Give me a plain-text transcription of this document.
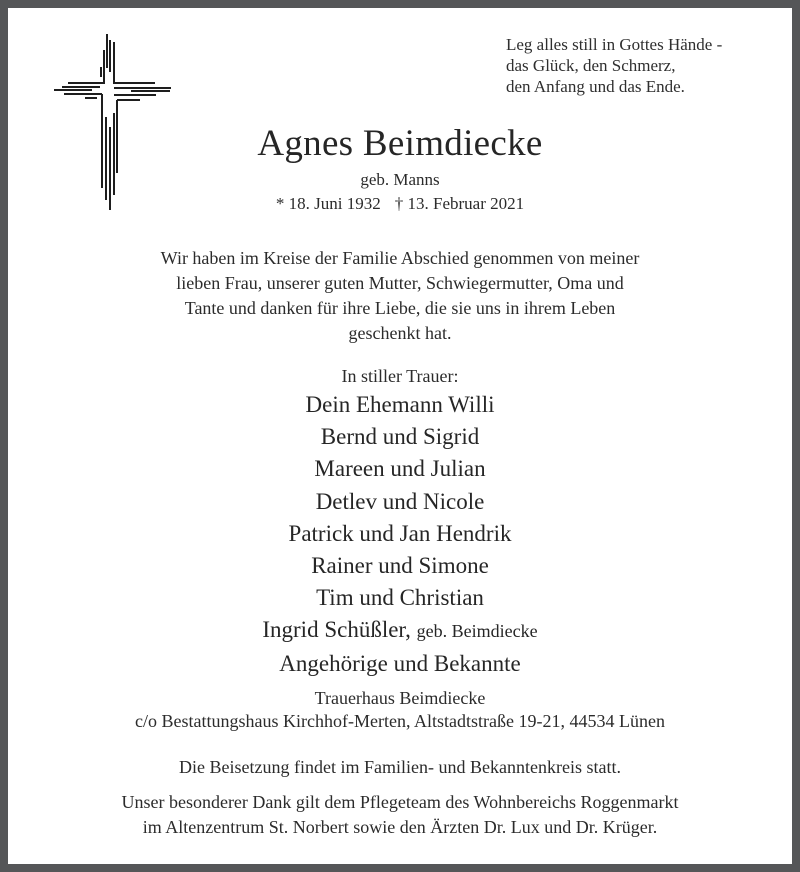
Leg alles still in Gottes Hände -
das Glück, den Schmerz,
den Anfang und das Ende.
Agnes Beimdiecke
geb. Manns
* 18. Juni 1932 † 13. Februar 2021
Wir haben im Kreise der Familie Abschied genommen von meiner
lieben Frau, unserer guten Mutter, Schwiegermutter, Oma und
Tante und danken für ihre Liebe, die sie uns in ihrem Leben
geschenkt hat.
In stiller Trauer:
Dein Ehemann Willi
Bernd und Sigrid
Mareen und Julian
Detlev und Nicole
Patrick und Jan Hendrik
Rainer und Simone
Tim und Christian
Ingrid Schüßler, geb. Beimdiecke
Angehörige und Bekannte
Trauerhaus Beimdiecke
c/o Bestattungshaus Kirchhof-Merten, Altstadtstraße 19-21, 44534 Lünen
Die Beisetzung findet im Familien- und Bekanntenkreis statt.
Unser besonderer Dank gilt dem Pflegeteam des Wohnbereichs Roggenmarkt
im Altenzentrum St. Norbert sowie den Ärzten Dr. Lux und Dr. Krüger.
